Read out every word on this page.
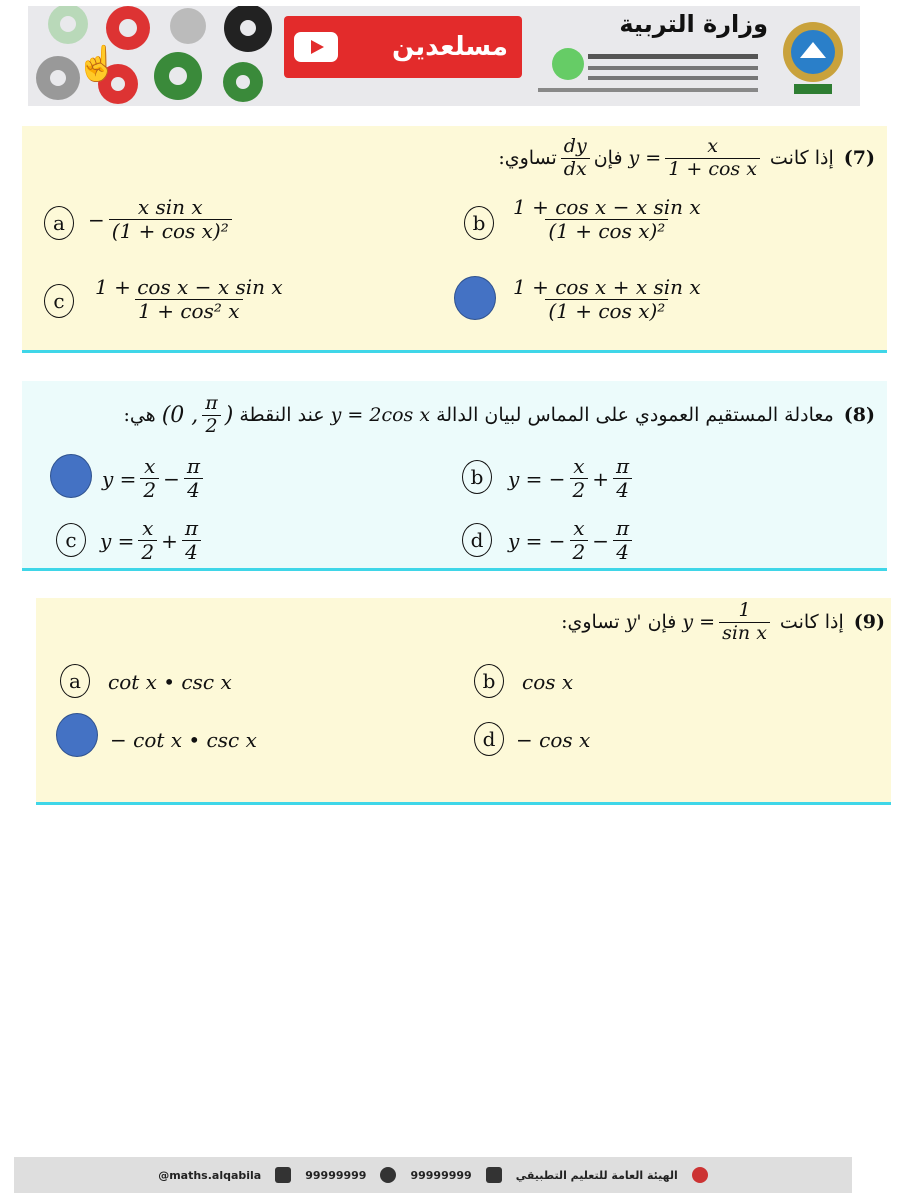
مسلعدين
☝
وزارة التربية
(7)
إذا كانت
$y = \frac{x}{\text{1 + cos x}}$
فإن
$\frac{dy}{dx}$
تساوي:
a	− $\frac{\text{x sin x}}{\text{(1 + cos x)²}}$	b	$\frac{\text{1 + cos x − x sin x}}{\text{(1 + cos x)²}}$
c	$\frac{\text{1 + cos x − x sin x}}{\text{1 + cos² x}}$	$\frac{\text{1 + cos x + x sin x}}{\text{(1 + cos x)²}}$
(8)
معادلة المستقيم العمودي على المماس لبيان الدالة
y = 2cos x
عند النقطة
(0 , $\frac{\pi}{2}$ )
هي:
$y = \frac{x}{2} - \frac{\pi}{4}$	b	y = − $\frac{x}{2} + \frac{\pi}{4}$
c	$y = \frac{x}{2} + \frac{\pi}{4}$	d	y = − $\frac{x}{2} - \frac{\pi}{4}$
(9)
إذا كانت
$y = \frac{1}{\text{sin x}}$
فإن
y'
تساوي:
a	cot x • csc x	b	cos x
− cot x • csc x	d	− cos x
@maths.alqabila	99999999	99999999	الهيئة العامة للتعليم التطبيقي
